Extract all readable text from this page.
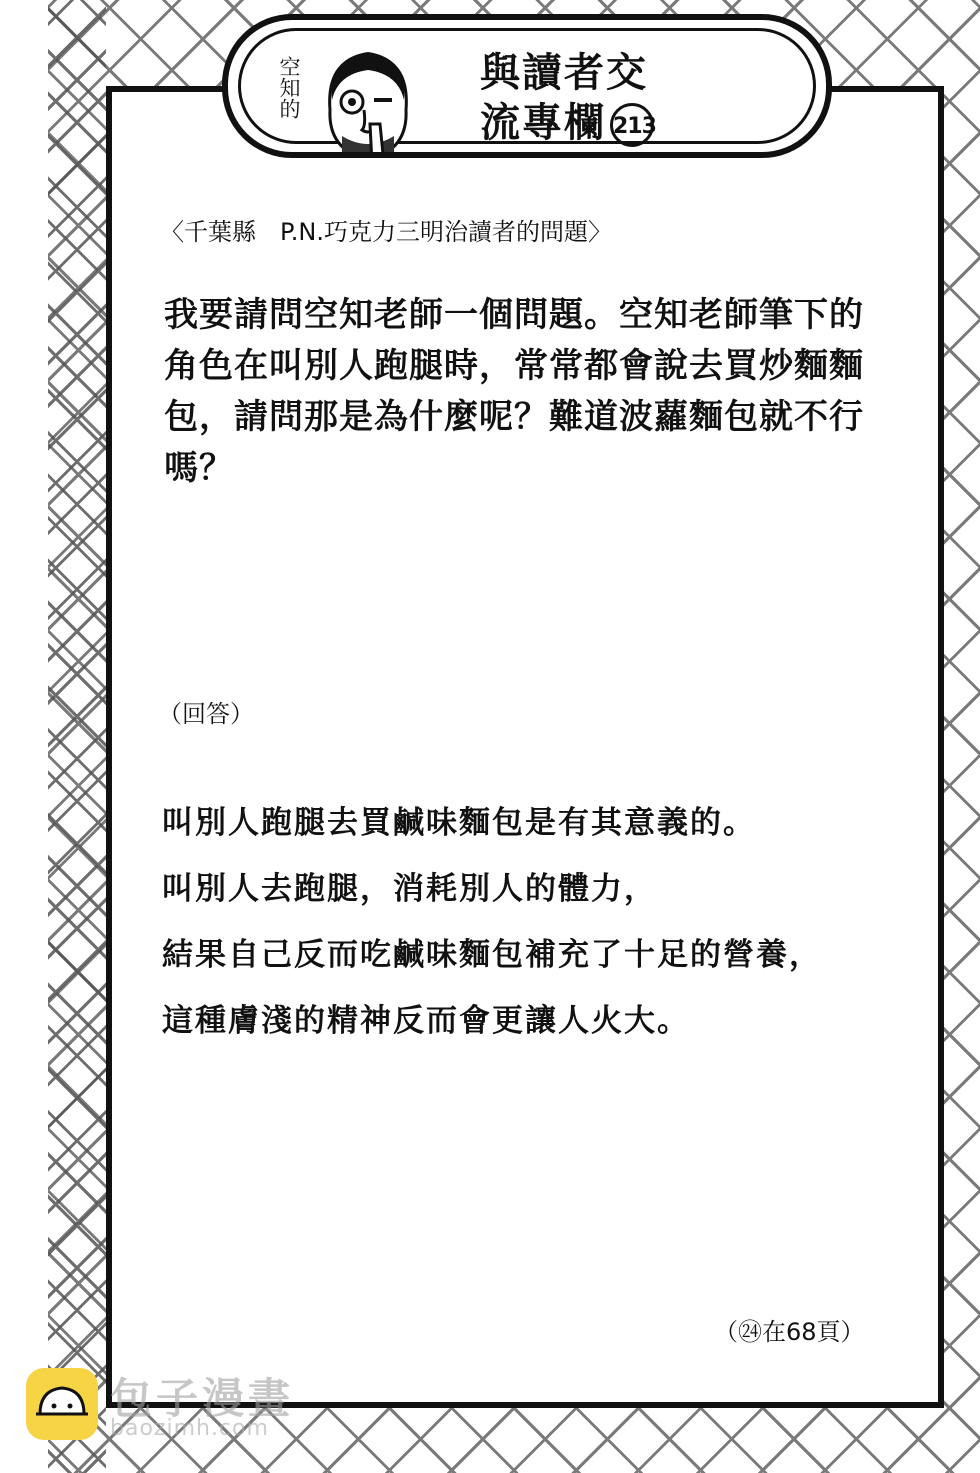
空知的	與讀者交
流專欄 213
〈千葉縣　P.N.巧克力三明治讀者的問題〉
我要請問空知老師一個問題。空知老師筆下的
角色在叫別人跑腿時，常常都會說去買炒麵麵
包，請問那是為什麼呢？難道波蘿麵包就不行
嗎？
（回答）
叫別人跑腿去買鹹味麵包是有其意義的。
叫別人去跑腿，消耗別人的體力，
結果自己反而吃鹹味麵包補充了十足的營養，
這種膚淺的精神反而會更讓人火大。
（㉔在68頁）
包子漫畫
baozimh.com
